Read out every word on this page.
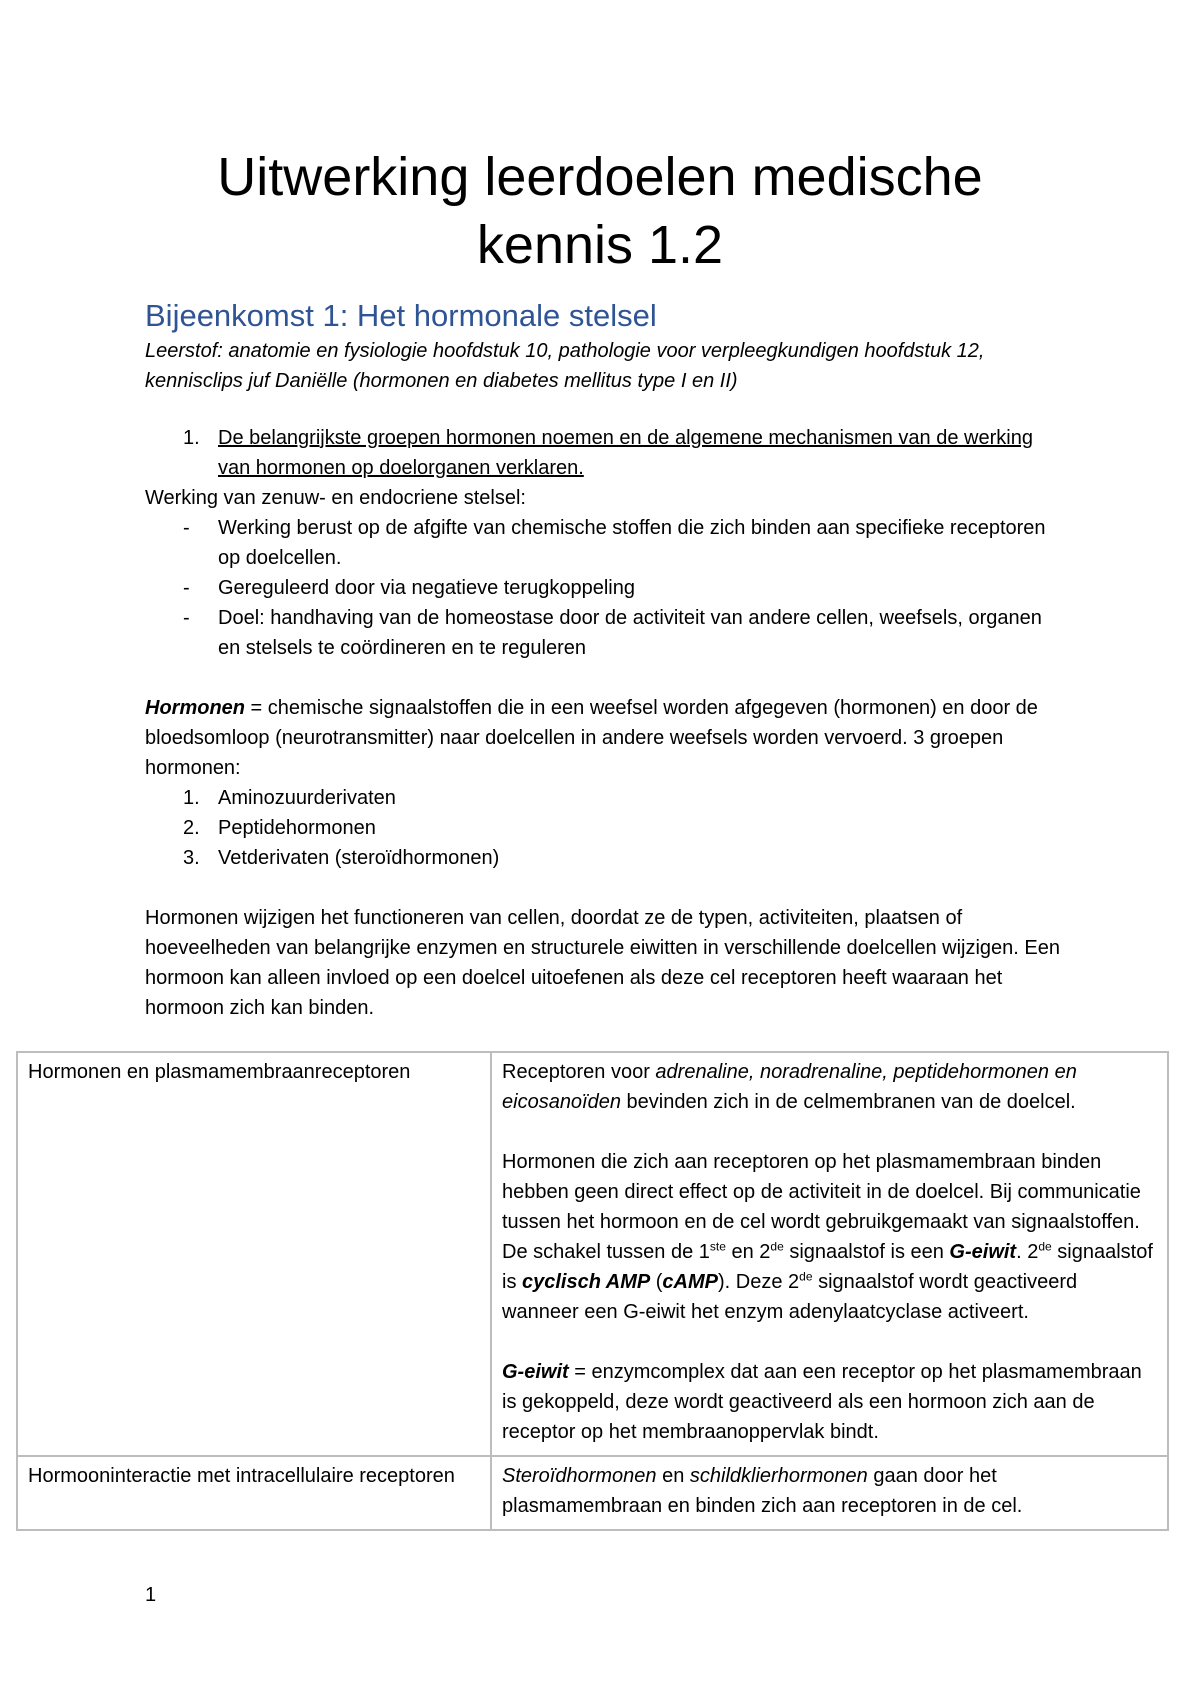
Uitwerking leerdoelen medische
kennis 1.2
Bijeenkomst 1: Het hormonale stelsel

Leerstof: anatomie en fysiologie hoofdstuk 10, pathologie voor verpleegkundigen hoofdstuk 12, kennisclips juf Daniëlle (hormonen en diabetes mellitus type I en II)

1. De belangrijkste groepen hormonen noemen en de algemene mechanismen van de werking van hormonen op doelorganen verklaren.
Werking van zenuw- en endocriene stelsel:
-	Werking berust op de afgifte van chemische stoffen die zich binden aan specifieke receptoren op doelcellen.
-	Gereguleerd door via negatieve terugkoppeling
-	Doel: handhaving van de homeostase door de activiteit van andere cellen, weefsels, organen en stelsels te coördineren en te reguleren
Hormonen = chemische signaalstoffen die in een weefsel worden afgegeven (hormonen) en door de bloedsomloop (neurotransmitter) naar doelcellen in andere weefsels worden vervoerd. 3 groepen hormonen:
1. Aminozuurderivaten
2. Peptidehormonen
3. Vetderivaten (steroïdhormonen)
Hormonen wijzigen het functioneren van cellen, doordat ze de typen, activiteiten, plaatsen of hoeveelheden van belangrijke enzymen en structurele eiwitten in verschillende doelcellen wijzigen. Een hormoon kan alleen invloed op een doelcel uitoefenen als deze cel receptoren heeft waaraan het hormoon zich kan binden.
Hormonen en plasmamembraanreceptoren	Receptoren voor adrenaline, noradrenaline, peptidehormonen en eicosanoïden bevinden zich in de celmembranen van de doelcel.
Hormonen die zich aan receptoren op het plasmamembraan binden hebben geen direct effect op de activiteit in de doelcel. Bij communicatie tussen het hormoon en de cel wordt gebruikgemaakt van signaalstoffen. De schakel tussen de 1ste en 2de signaalstof is een G-eiwit. 2de signaalstof is cyclisch AMP (cAMP). Deze 2de signaalstof wordt geactiveerd wanneer een G-eiwit het enzym adenylaatcyclase activeert.
G-eiwit = enzymcomplex dat aan een receptor op het plasmamembraan is gekoppeld, deze wordt geactiveerd als een hormoon zich aan de receptor op het membraanoppervlak bindt.

Hormooninteractie met intracellulaire receptoren	Steroïdhormonen en schildklierhormonen gaan door het plasmamembraan en binden zich aan receptoren in de cel.
1
